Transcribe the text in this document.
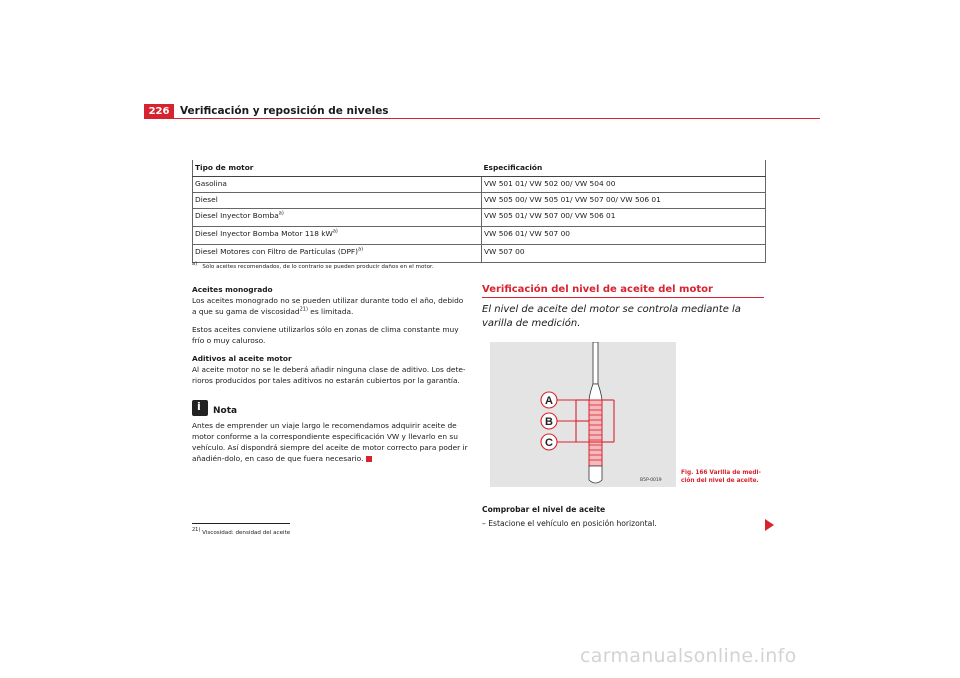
226	Verificación y reposición de niveles
Tipo de motor	Especificación
Gasolina	VW 501 01/ VW 502 00/ VW 504 00
Diesel	VW 505 00/ VW 505 01/ VW 507 00/ VW 506 01
Diesel Inyector Bomba$^{a)}$	VW 505 01/ VW 507 00/ VW 506 01
Diesel Inyector Bomba Motor 118 $kW^{a)}$	VW 506 01/ VW 507 00
Diesel Motores con Filtro de Partículas (DPF)$^{a)}$	VW 507 00
$^{a)}$ Sólo aceites recomendados, de lo contrario se pueden producir daños en el motor.
Aceites monogrado
Los aceites monogrado no se pueden utilizar durante todo el año, debido a que su gama de viscosidad$^{21)}$ es limitada.
Estos aceites conviene utilizarlos sólo en zonas de clima constante muy frío o muy caluroso.
Aditivos al aceite motor
Al aceite motor no se le deberá añadir ninguna clase de aditivo. Los dete-rioros producidos por tales aditivos no estarán cubiertos por la garantía.
i Nota
Antes de emprender un viaje largo le recomendamos adquirir aceite de motor conforme a la correspondiente especificación VW y llevarlo en su vehículo. Así dispondrá siempre del aceite de motor correcto para poder ir añadién-dolo, en caso de que fuera necesario.
$^{21)}$ Viscosidad: densidad del aceite
Verificación del nivel de aceite del motor
El nivel de aceite del motor se controla mediante la varilla de medición.
A
B
C
B5P-0019
Fig. 166 Varilla de medi-ción del nivel de aceite.
Comprobar el nivel de aceite
– Estacione el vehículo en posición horizontal.
carmanualsonline.info
